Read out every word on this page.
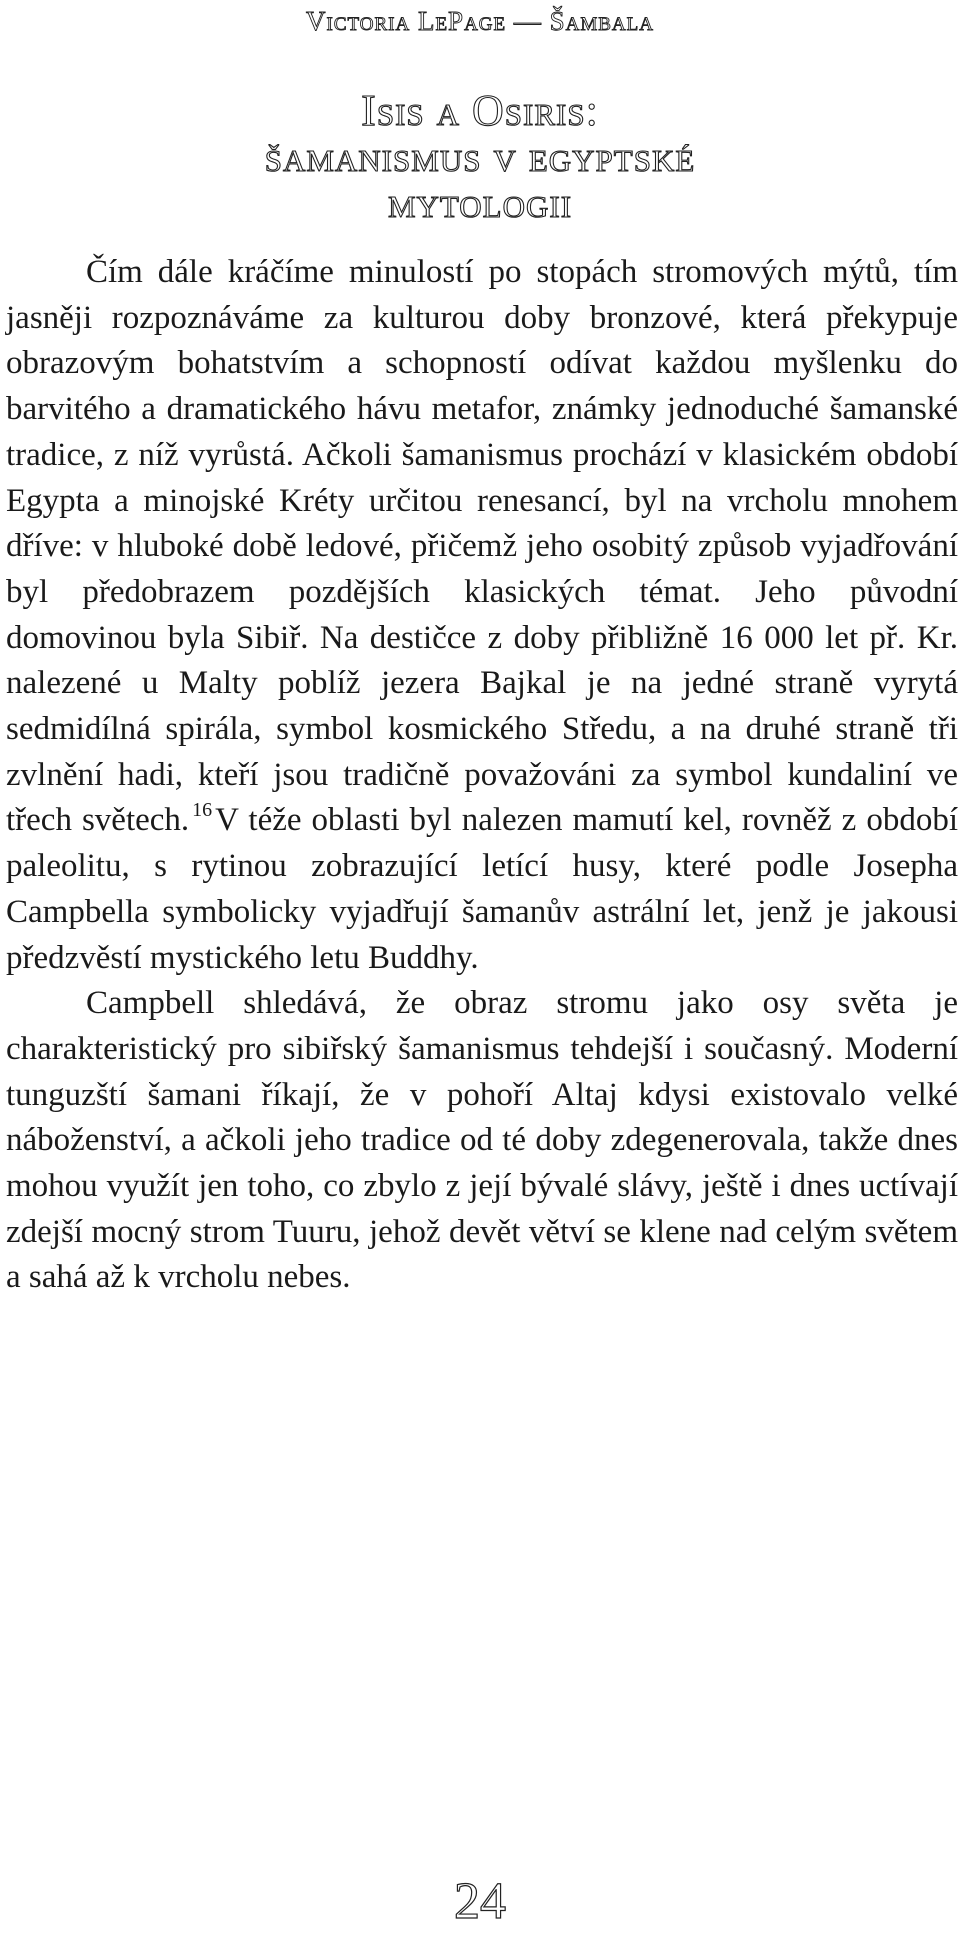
Victoria LePage — Šambala
Isis a Osiris:
šamanismus v egyptské
mytologii

Čím dále kráčíme minulostí po stopách stromových mýtů, tím jasněji rozpoznáváme za kulturou doby bronzové, která překypuje obrazovým bohatstvím a schopností odívat každou myšlenku do barvitého a dramatického hávu metafor, známky jednoduché šamanské tradice, z níž vyrůstá. Ačkoli šamanismus prochází v klasickém období Egypta a minojské Kréty určitou renesancí, byl na vrcholu mnohem dříve: v hluboké době ledové, přičemž jeho osobitý způsob vyjadřování byl předobrazem pozdějších klasických témat. Jeho původní domovinou byla Sibiř. Na destičce z doby přibližně 16 000 let př. Kr. nalezené u Malty poblíž jezera Bajkal je na jedné straně vyrytá sedmidílná spirála, symbol kosmického Středu, a na druhé straně tři zvlnění hadi, kteří jsou tradičně považováni za symbol kundaliní ve třech světech. $^{16}$V téže oblasti byl nalezen mamutí kel, rovněž z období paleolitu, s rytinou zobrazující letící husy, které podle Josepha Campbella symbolicky vyjadřují šamanův astrální let, jenž je jakousi předzvěstí mystického letu Buddhy.

Campbell shledává, že obraz stromu jako osy světa je charakteristický pro sibiřský šamanismus tehdejší i současný. Moderní tunguzští šamani říkají, že v pohoří Altaj kdysi existovalo velké náboženství, a ačkoli jeho tradice od té doby zdegenerovala, takže dnes mohou využít jen toho, co zbylo z její bývalé slávy, ještě i dnes uctívají zdejší mocný strom Tuuru, jehož devět větví se klene nad celým světem a sahá až k vrcholu nebes.

24
